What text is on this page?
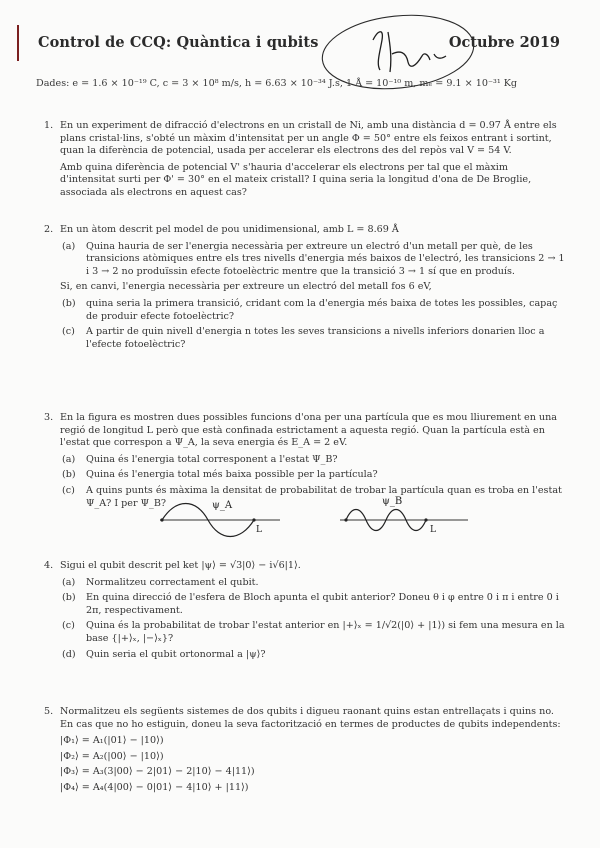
Control de CCQ: Quàntica i qubits	Octubre 2019
Dades: e = 1.6 × 10⁻¹⁹ C, c = 3 × 10⁸ m/s, h = 6.63 × 10⁻³⁴ J.s, 1 Å = 10⁻¹⁰ m, mₑ = 9.1 × 10⁻³¹ Kg
1. En un experiment de difracció d'electrons en un cristall de Ni, amb una distància d = 0.97 Å entre els plans cristal·lins, s'obté un màxim d'intensitat per un angle Φ = 50° entre els feixos entrant i sortint, quan la diferència de potencial, usada per accelerar els electrons des del repòs val V = 54 V.

Amb quina diferència de potencial V' s'hauria d'accelerar els electrons per tal que el màxim d'intensitat surti per Φ' = 30° en el mateix cristall? I quina seria la longitud d'ona de De Broglie, associada als electrons en aquest cas?

2. En un àtom descrit pel model de pou unidimensional, amb L = 8.69 Å

(a) Quina hauria de ser l'energia necessària per extreure un electró d'un metall per què, de les transicions atòmiques entre els tres nivells d'energia més baixos de l'electró, les transicions 2 → 1 i 3 → 2 no produïssin efecte fotoelèctric mentre que la transició 3 → 1 sí que en produís.

Si, en canvi, l'energia necessària per extreure un electró del metall fos 6 eV,

(b) quina seria la primera transició, cridant com la d'energia més baixa de totes les possibles, capaç de produir efecte fotoelèctric?
(c) A partir de quin nivell d'energia n totes les seves transicions a nivells inferiors donarien lloc a l'efecte fotoelèctric?
3. En la figura es mostren dues possibles funcions d'ona per una partícula que es mou lliurement en una regió de longitud L però que està confinada estrictament a aquesta regió. Quan la partícula està en l'estat que correspon a Ψ_A, la seva energia és E_A = 2 eV.

(a) Quina és l'energia total corresponent a l'estat Ψ_B?
(b) Quina és l'energia total més baixa possible per la partícula?
(c) A quins punts és màxima la densitat de probabilitat de trobar la partícula quan es troba en l'estat Ψ_A? I per Ψ_B?	ψ_A
L
ψ_B
L
4. Sigui el qubit descrit pel ket |ψ⟩ = √3|0⟩ − i√6|1⟩.

(a) Normalitzeu correctament el qubit.
(b) En quina direcció de l'esfera de Bloch apunta el qubit anterior? Doneu θ i φ entre 0 i π i entre 0 i 2π, respectivament.
(c) Quina és la probabilitat de trobar l'estat anterior en |+⟩ₓ = 1/√2(|0⟩ + |1⟩) si fem una mesura en la base {|+⟩ₓ, |−⟩ₓ}?
(d) Quin seria el qubit ortonormal a |ψ⟩?
5. Normalitzeu els següents sistemes de dos qubits i digueu raonant quins estan entrellaçats i quins no. En cas que no ho estiguin, doneu la seva factorització en termes de productes de qubits independents:

|Φ₁⟩ = A₁(|01⟩ − |10⟩)
|Φ₂⟩ = A₂(|00⟩ − |10⟩)
|Φ₃⟩ = A₃(3|00⟩ − 2|01⟩ − 2|10⟩ − 4|11⟩)
|Φ₄⟩ = A₄(4|00⟩ − 0|01⟩ − 4|10⟩ + |11⟩)
